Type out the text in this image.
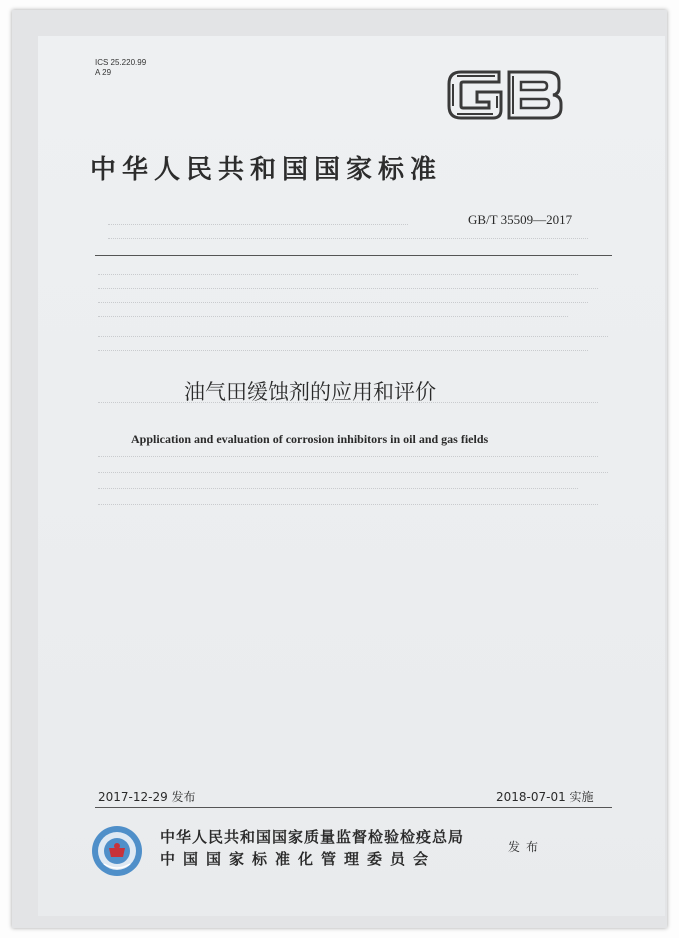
ICS 25.220.99
A 29
中华人民共和国国家标准
GB/T 35509—2017
油气田缓蚀剂的应用和评价
Application and evaluation of corrosion inhibitors in oil and gas fields
2017-12-29 发布	2018-07-01 实施
中华人民共和国国家质量监督检验检疫总局
中国国家标准化管理委员会
发布
